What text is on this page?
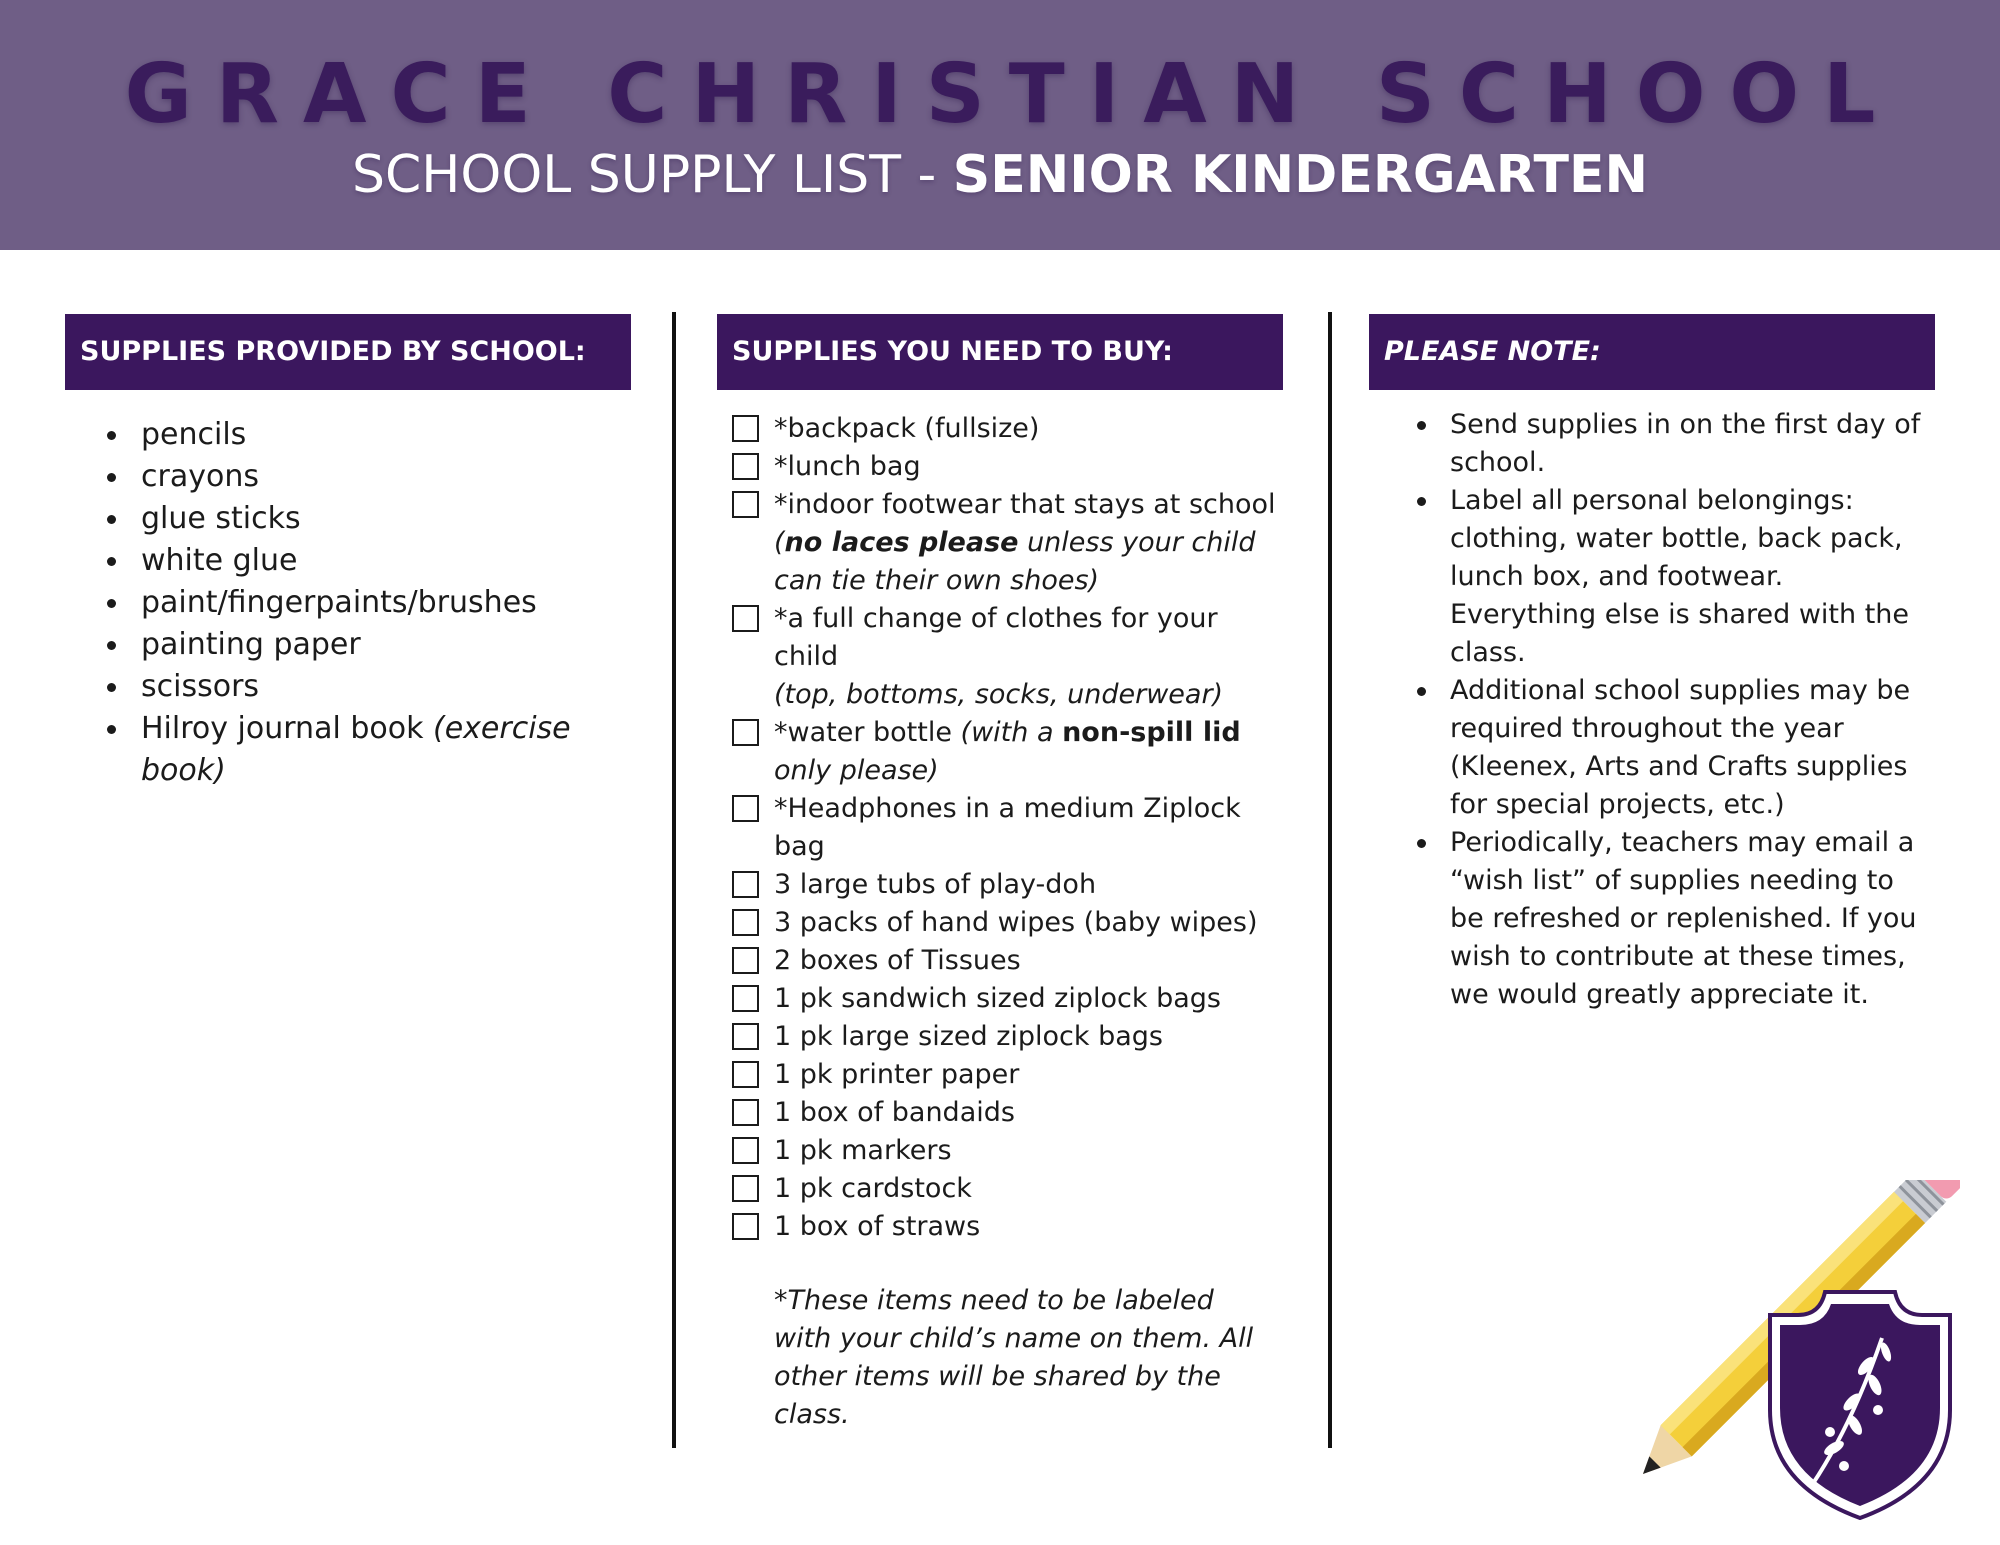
GRACE CHRISTIAN SCHOOL
SCHOOL SUPPLY LIST - SENIOR KINDERGARTEN
SUPPLIES PROVIDED BY SCHOOL:
pencils
crayons
glue sticks
white glue
paint/fingerpaints/brushes
painting paper
scissors
Hilroy journal book (exercise book)
SUPPLIES YOU NEED TO BUY:
*backpack (fullsize)
*lunch bag
*indoor footwear that stays at school
(no laces please unless your child can tie their own shoes)
*a full change of clothes for your child
(top, bottoms, socks, underwear)
*water bottle (with a non-spill lid only please)
*Headphones in a medium Ziplock bag
3 large tubs of play-doh
3 packs of hand wipes (baby wipes)
2 boxes of Tissues
1 pk sandwich sized ziplock bags
1 pk large sized ziplock bags
1 pk printer paper
1 box of bandaids
1 pk markers
1 pk cardstock
1 box of straws
*These items need to be labeled with your child’s name on them. All other items will be shared by the class.
PLEASE NOTE:
Send supplies in on the first day of school.
Label all personal belongings: clothing, water bottle, back pack, lunch box, and footwear. Everything else is shared with the class.
Additional school supplies may be required throughout the year (Kleenex, Arts and Crafts supplies for special projects, etc.)
Periodically, teachers may email a “wish list” of supplies needing to be refreshed or replenished. If you wish to contribute at these times, we would greatly appreciate it.
